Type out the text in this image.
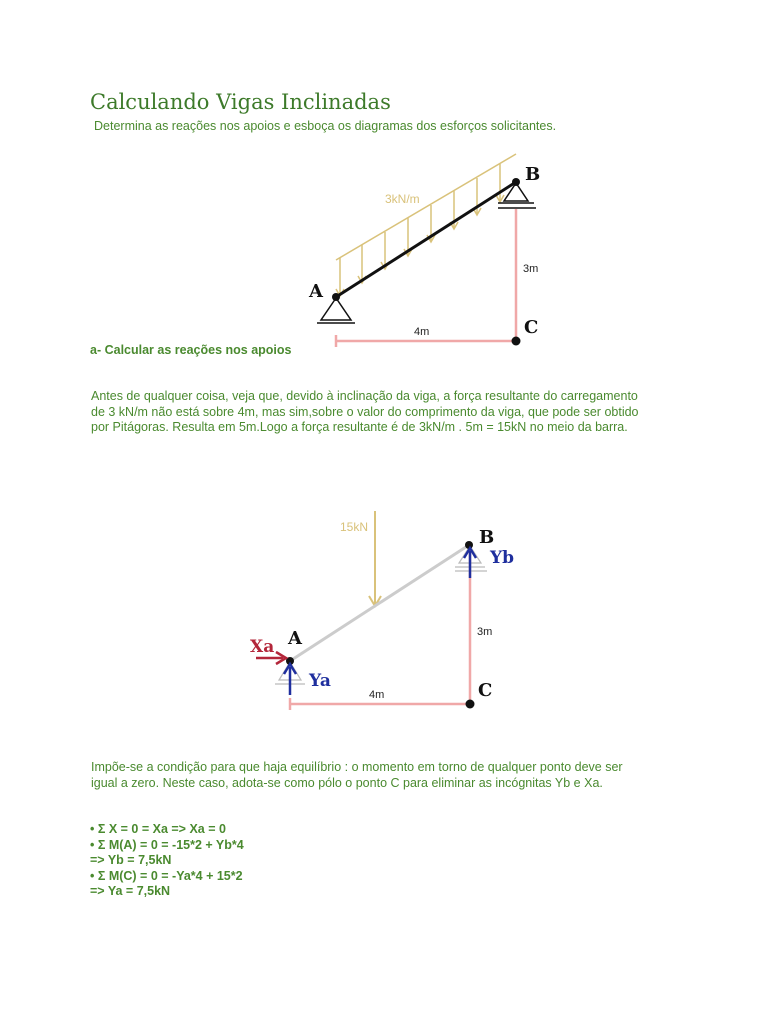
Calculando Vigas Inclinadas
Determina as reações nos apoios e esboça os diagramas dos esforços solicitantes.
3kN/m
A
B
C
3m
4m
15kN
A
B
C
Xa
Ya
Yb
3m
4m
a- Calcular as reações nos apoios
Antes de qualquer coisa, veja que, devido à inclinação da viga, a força resultante do carregamento
de 3 kN/m não está sobre 4m, mas sim,sobre o valor do comprimento da viga, que pode ser obtido
por Pitágoras. Resulta em 5m.Logo a força resultante é de 3kN/m . 5m = 15kN no meio da barra.
Impõe-se a condição para que haja equilíbrio : o momento em torno de qualquer ponto deve ser
igual a zero. Neste caso, adota-se como pólo o ponto C para eliminar as incógnitas Yb e Xa.
• Σ X = 0 = Xa => Xa = 0
• Σ M(A) = 0 = -15*2 + Yb*4
=> Yb = 7,5kN
• Σ M(C) = 0 = -Ya*4 + 15*2
=> Ya = 7,5kN
